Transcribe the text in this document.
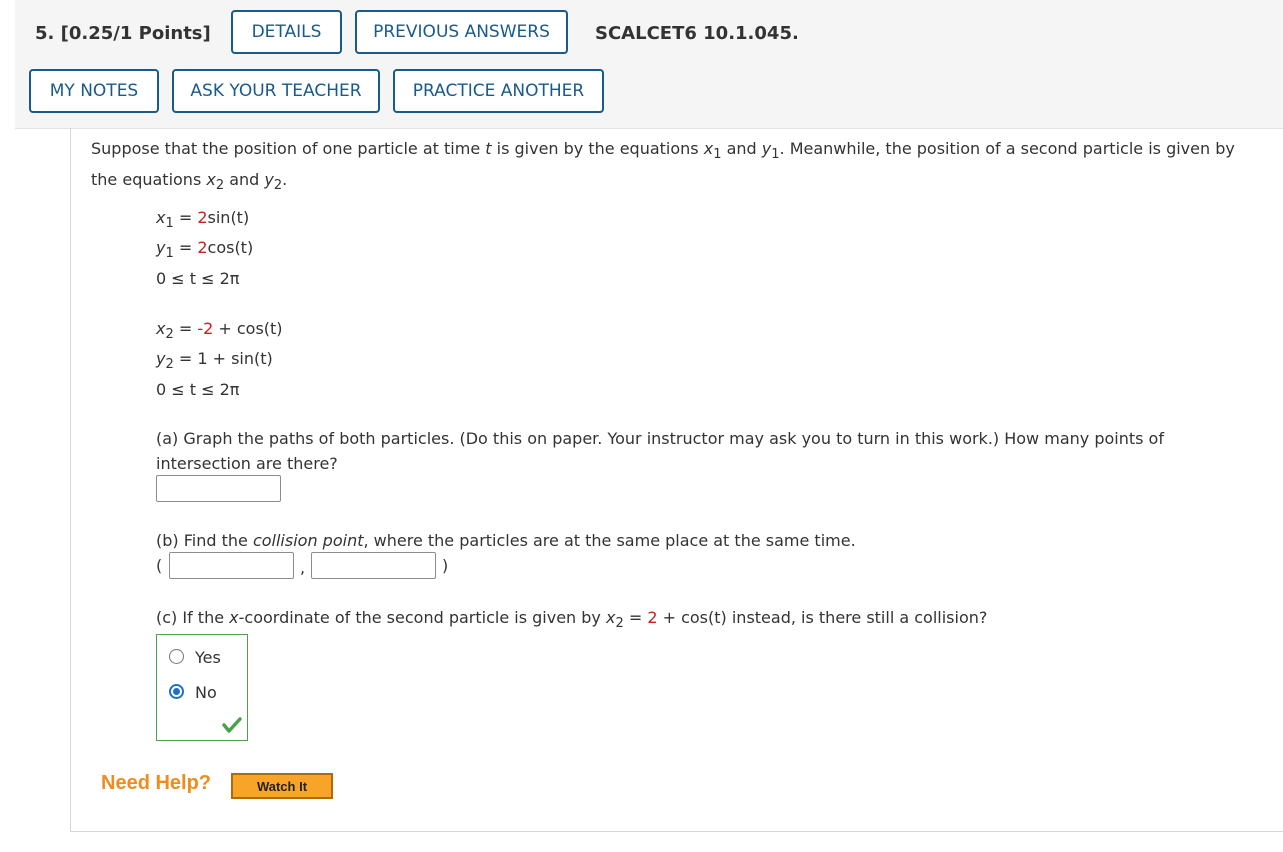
5. [0.25/1 Points]	DETAILS	PREVIOUS ANSWERS	SCALCET6 10.1.045.
MY NOTES	ASK YOUR TEACHER	PRACTICE ANOTHER
Suppose that the position of one particle at time t is given by the equations $x_1$ and $y_1$. Meanwhile, the position of a second particle is given by
the equations $x_2$ and $y_2$.
$x_1 = 2\sin(t)$
$y_1 = 2\cos(t)$
0 ≤ t ≤ 2π
$x_2 = -2 + \cos(t)$
$y_2 = 1 + \sin(t)$
0 ≤ t ≤ 2π
(a) Graph the paths of both particles. (Do this on paper. Your instructor may ask you to turn in this work.) How many points of
intersection are there?
(b) Find the collision point, where the particles are at the same place at the same time.
(	,	)
(c) If the x-coordinate of the second particle is given by $x_2 = 2 + \cos(t)$ instead, is there still a collision?
Yes
No
Need Help?	Watch It
